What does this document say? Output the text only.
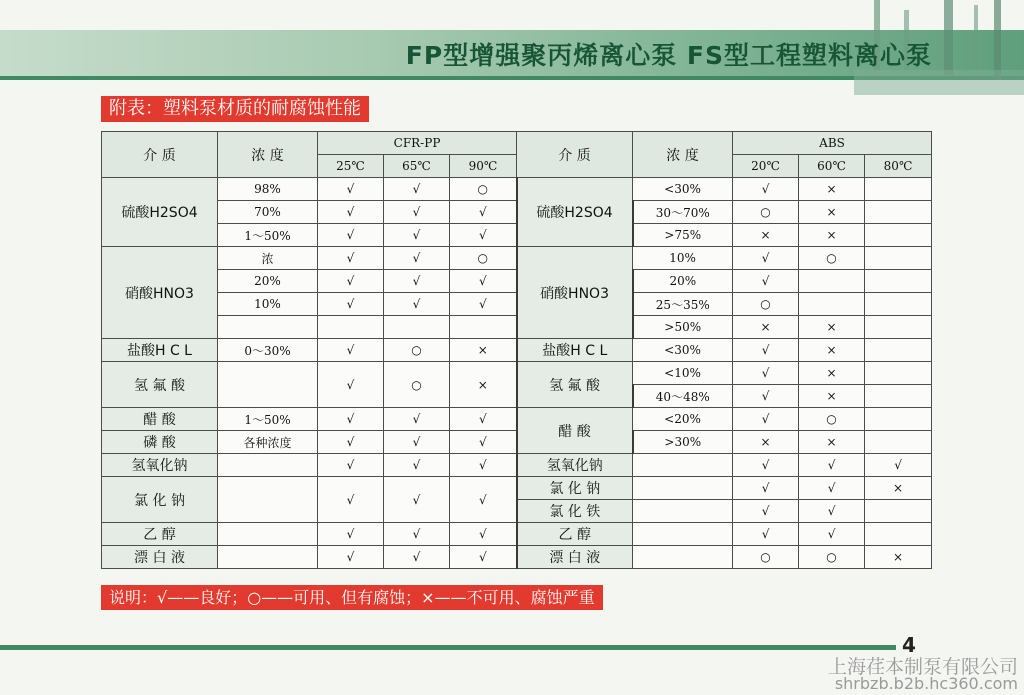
FP型增强聚丙烯离心泵 FS型工程塑料离心泵
附表：塑料泵材质的耐腐蚀性能
介 质	浓 度	CFR-PP			介 质	浓 度	ABS		
		25℃	65℃	90℃			20℃	60℃	80℃
硫酸H2SO4	98%	√	√	○	硫酸H2SO4	<30%	√	×	
	70%	√	√	√		30～70%	○	×	
	1～50%	√	√	√		>75%	×	×	
硝酸HNO3	浓	√	√	○	硝酸HNO3	10%	√	○	
	20%	√	√	√		20%	√		
	10%	√	√	√		25～35%	○		
						>50%	×	×	
盐酸H C L	0～30%	√	○	×	盐酸H C L	<30%	√	×	
氢 氟 酸		√	○	×	氢 氟 酸	<10%	√	×	
						40～48%	√	×	
醋 酸	1～50%	√	√	√	醋 酸	<20%	√	○	
磷 酸	各种浓度	√	√	√		>30%	×	×	
氢氧化钠		√	√	√	氢氧化钠		√	√	√
氯 化 钠		√	√	√	氯 化 钠		√	√	×
					氯 化 铁		√	√	
乙 醇		√	√	√	乙 醇		√	√	
漂 白 液		√	√	√	漂 白 液		○	○	×
说明：√——良好；○——可用、但有腐蚀；×——不可用、腐蚀严重
4
上海荏本制泵有限公司
shrbzb.b2b.hc360.com
